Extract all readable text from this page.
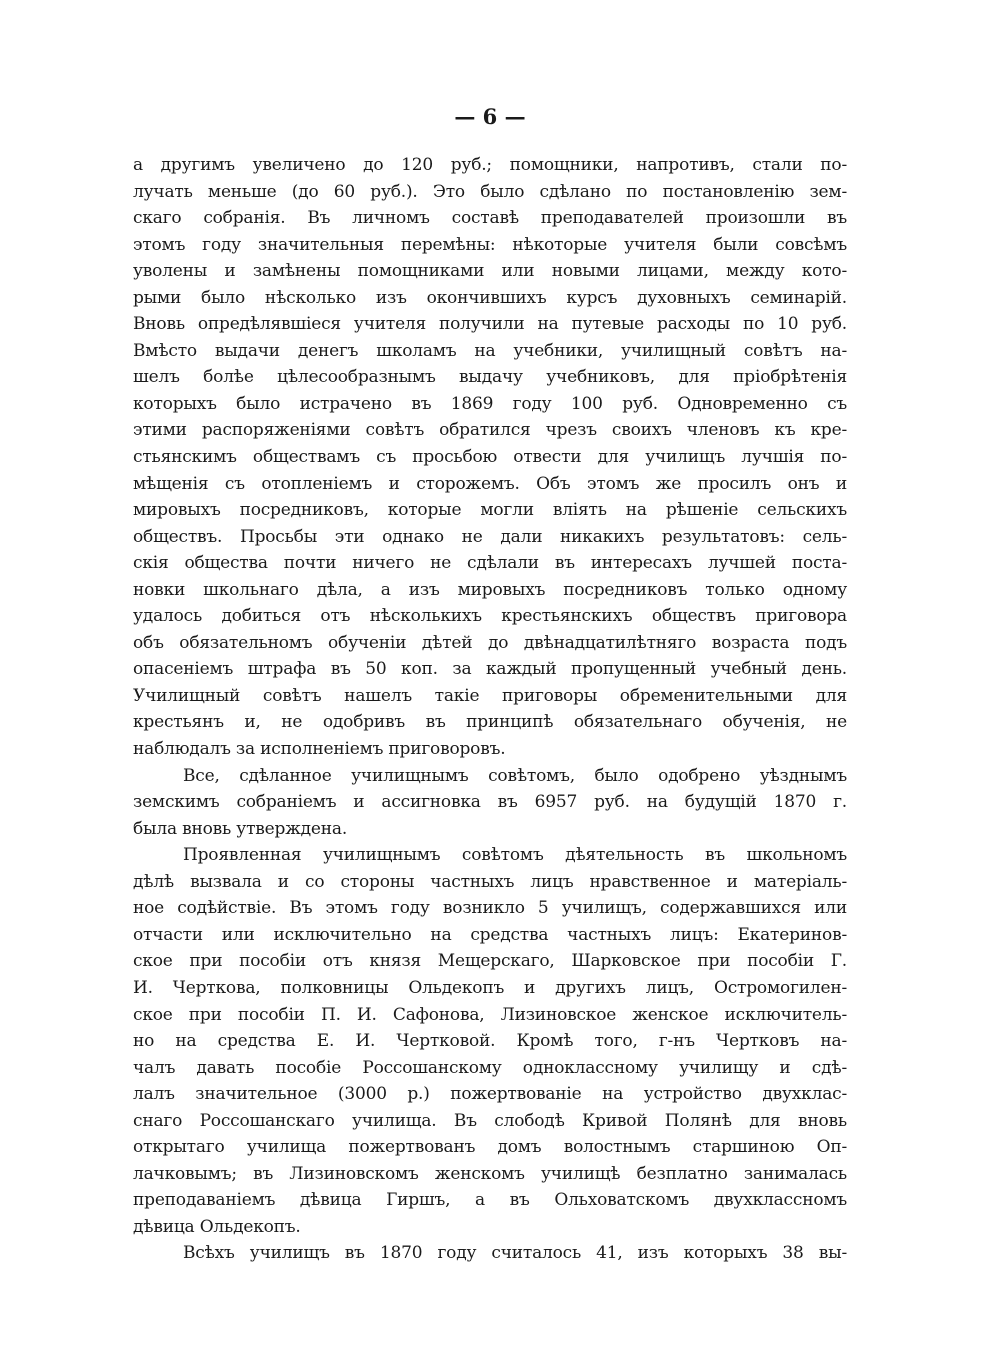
— 6 —
а другимъ увеличено до 120 руб.; помощники, напротивъ, стали по-
лучать меньше (до 60 руб.). Это было сдѣлано по постановленію зем-
скаго собранія. Въ личномъ составѣ преподавателей произошли въ
этомъ году значительныя перемѣны: нѣкоторые учителя были совсѣмъ
уволены и замѣнены помощниками или новыми лицами, между кото-
рыми было нѣсколько изъ окончившихъ курсъ духовныхъ семинарій.
Вновь опредѣлявшіеся учителя получили на путевые расходы по 10 руб.
Вмѣсто выдачи денегъ школамъ на учебники, училищный совѣтъ на-
шелъ болѣе цѣлесообразнымъ выдачу учебниковъ, для пріобрѣтенія
которыхъ было истрачено въ 1869 году 100 руб. Одновременно съ
этими распоряженіями совѣтъ обратился чрезъ своихъ членовъ къ кре-
стьянскимъ обществамъ съ просьбою отвести для училищъ лучшія по-
мѣщенія съ отопленіемъ и сторожемъ. Объ этомъ же просилъ онъ и
мировыхъ посредниковъ, которые могли вліять на рѣшеніе сельскихъ
обществъ. Просьбы эти однако не дали никакихъ результатовъ: сель-
скія общества почти ничего не сдѣлали въ интересахъ лучшей поста-
новки школьнаго дѣла, а изъ мировыхъ посредниковъ только одному
удалось добиться отъ нѣсколькихъ крестьянскихъ обществъ приговора
объ обязательномъ обученіи дѣтей до двѣнадцатилѣтняго возраста подъ
опасеніемъ штрафа въ 50 коп. за каждый пропущенный учебный день.
Училищный совѣтъ нашелъ такіе приговоры обременительными для
крестьянъ и, не одобривъ въ принципѣ обязательнаго обученія, не
наблюдалъ за исполненіемъ приговоровъ.
Все, сдѣланное училищнымъ совѣтомъ, было одобрено уѣзднымъ
земскимъ собраніемъ и ассигновка въ 6957 руб. на будущій 1870 г.
была вновь утверждена.
Проявленная училищнымъ совѣтомъ дѣятельность въ школьномъ
дѣлѣ вызвала и со стороны частныхъ лицъ нравственное и матеріаль-
ное содѣйствіе. Въ этомъ году возникло 5 училищъ, содержавшихся или
отчасти или исключительно на средства частныхъ лицъ: Екатеринов-
ское при пособіи отъ князя Мещерскаго, Шарковское при пособіи Г.
И. Черткова, полковницы Ольдекопъ и другихъ лицъ, Остромогилен-
ское при пособіи П. И. Сафонова, Лизиновское женское исключитель-
но на средства Е. И. Чертковой. Кромѣ того, г-нъ Чертковъ на-
чалъ давать пособіе Россошанскому одноклассному училищу и сдѣ-
лалъ значительное (3000 р.) пожертвованіе на устройство двухклас-
снаго Россошанскаго училища. Въ слободѣ Кривой Полянѣ для вновь
открытаго училища пожертвованъ домъ волостнымъ старшиною Оп-
лачковымъ; въ Лизиновскомъ женскомъ училищѣ безплатно занималась
преподаваніемъ дѣвица Гиршъ, а въ Ольховатскомъ двухклассномъ
дѣвица Ольдекопъ.
Всѣхъ училищъ въ 1870 году считалось 41, изъ которыхъ 38 вы-
